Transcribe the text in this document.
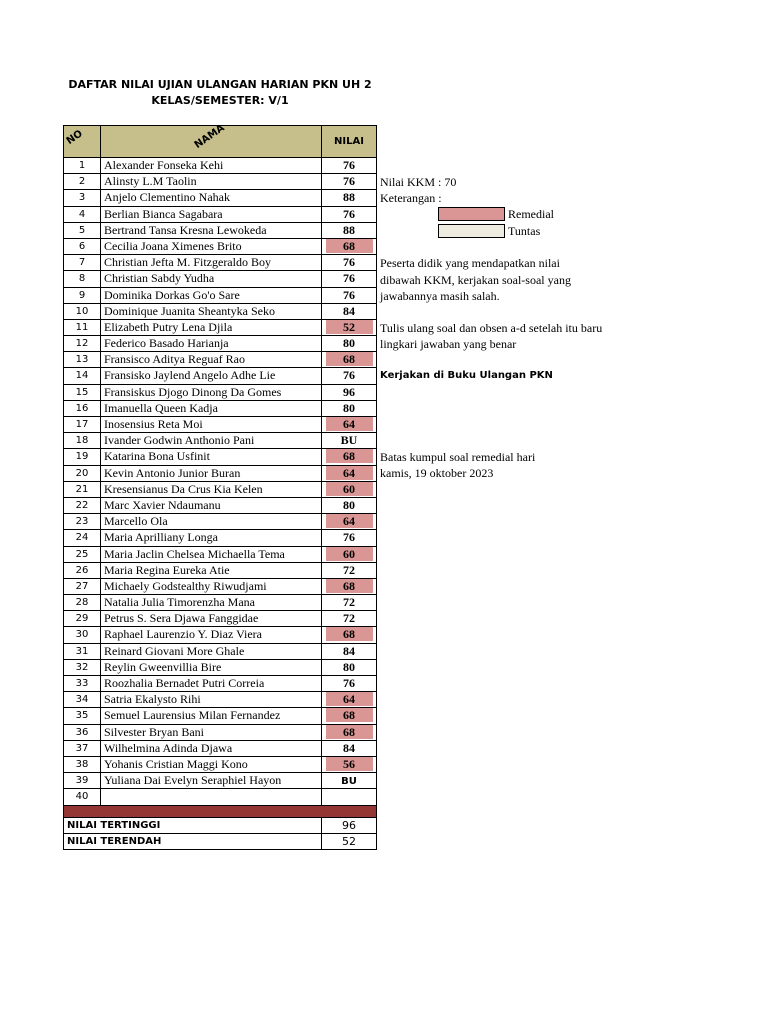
DAFTAR NILAI UJIAN ULANGAN HARIAN PKN UH 2
KELAS/SEMESTER: V/1
NO	NAMA	NILAI
1	Alexander Fonseka Kehi	76
2	Alinsty L.M Taolin	76
3	Anjelo Clementino Nahak	88
4	Berlian Bianca Sagabara	76
5	Bertrand Tansa Kresna Lewokeda	88
6	Cecilia Joana Ximenes Brito	68
7	Christian Jefta M. Fitzgeraldo Boy	76
8	Christian Sabdy Yudha	76
9	Dominika Dorkas Go'o Sare	76
10	Dominique Juanita Sheantyka Seko	84
11	Elizabeth Putry Lena Djila	52
12	Federico Basado Harianja	80
13	Fransisco Aditya Reguaf Rao	68
14	Fransisko Jaylend Angelo Adhe Lie	76
15	Fransiskus Djogo Dinong Da Gomes	96
16	Imanuella Queen Kadja	80
17	Inosensius Reta Moi	64
18	Ivander Godwin Anthonio Pani	BU
19	Katarina Bona Usfinit	68
20	Kevin Antonio Junior Buran	64
21	Kresensianus Da Crus Kia Kelen	60
22	Marc Xavier Ndaumanu	80
23	Marcello Ola	64
24	Maria Aprilliany Longa	76
25	Maria Jaclin Chelsea Michaella Tema	60
26	Maria Regina Eureka Atie	72
27	Michaely Godstealthy Riwudjami	68
28	Natalia Julia Timorenzha Mana	72
29	Petrus S. Sera Djawa Fanggidae	72
30	Raphael Laurenzio Y. Diaz Viera	68
31	Reinard Giovani More Ghale	84
32	Reylin Gweenvillia Bire	80
33	Roozhalia Bernadet Putri Correia	76
34	Satria Ekalysto Rihi	64
35	Semuel Laurensius Milan Fernandez	68
36	Silvester Bryan Bani	68
37	Wilhelmina Adinda Djawa	84
38	Yohanis Cristian Maggi Kono	56
39	Yuliana Dai Evelyn Seraphiel Hayon	BU
40
NILAI TERTINGGI	96
NILAI TERENDAH	52
Nilai KKM : 70
Keterangan :
Remedial
Tuntas
Peserta didik yang mendapatkan nilai
dibawah KKM, kerjakan soal-soal yang
jawabannya masih salah.
Tulis ulang soal dan obsen a-d setelah itu baru
lingkari jawaban yang benar
Kerjakan di Buku Ulangan PKN
Batas kumpul soal remedial hari
kamis, 19 oktober 2023
